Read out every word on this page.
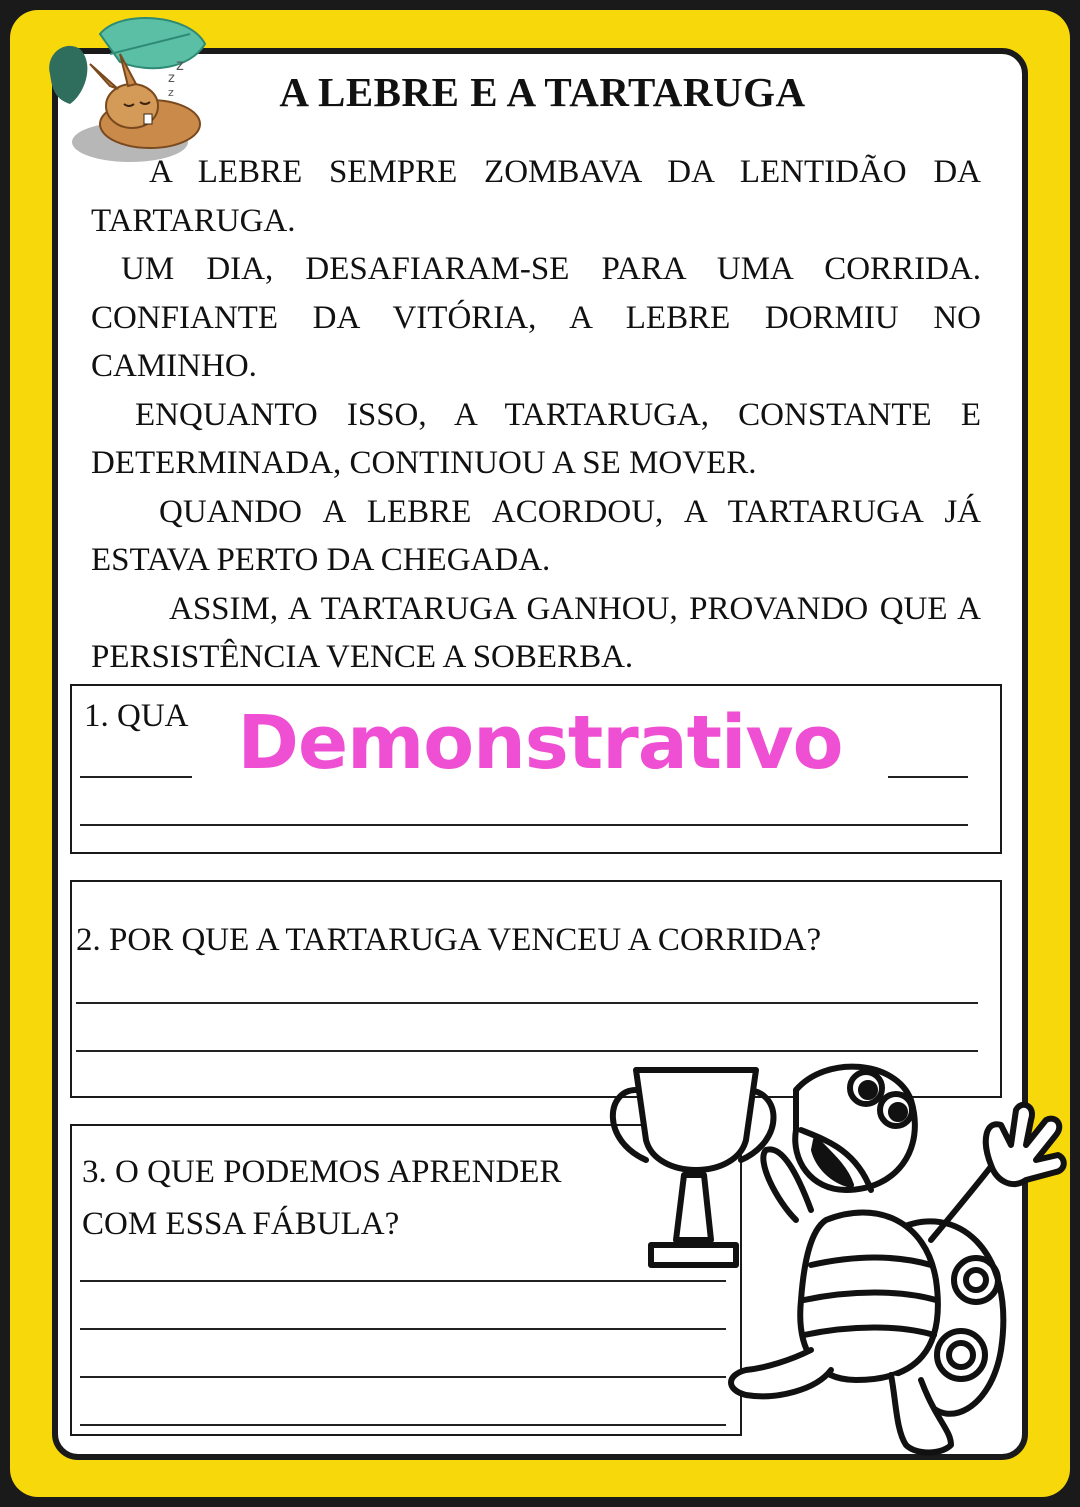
z
z
z	A LEBRE E A TARTARUGA

A LEBRE SEMPRE ZOMBAVA DA LENTIDÃO DA TARTARUGA.

UM DIA, DESAFIARAM-SE PARA UMA CORRIDA. CONFIANTE DA VITÓRIA, A LEBRE DORMIU NO CAMINHO.

ENQUANTO ISSO, A TARTARUGA, CONSTANTE E DETERMINADA, CONTINUOU A SE MOVER.

QUANDO A LEBRE ACORDOU, A TARTARUGA JÁ ESTAVA PERTO DA CHEGADA.

ASSIM, A TARTARUGA GANHOU, PROVANDO QUE A PERSISTÊNCIA VENCE A SOBERBA.

1. QUA Demonstrativo
2. POR QUE A TARTARUGA VENCEU A CORRIDA?
3. O QUE PODEMOS APRENDER COM ESSA FÁBULA?
